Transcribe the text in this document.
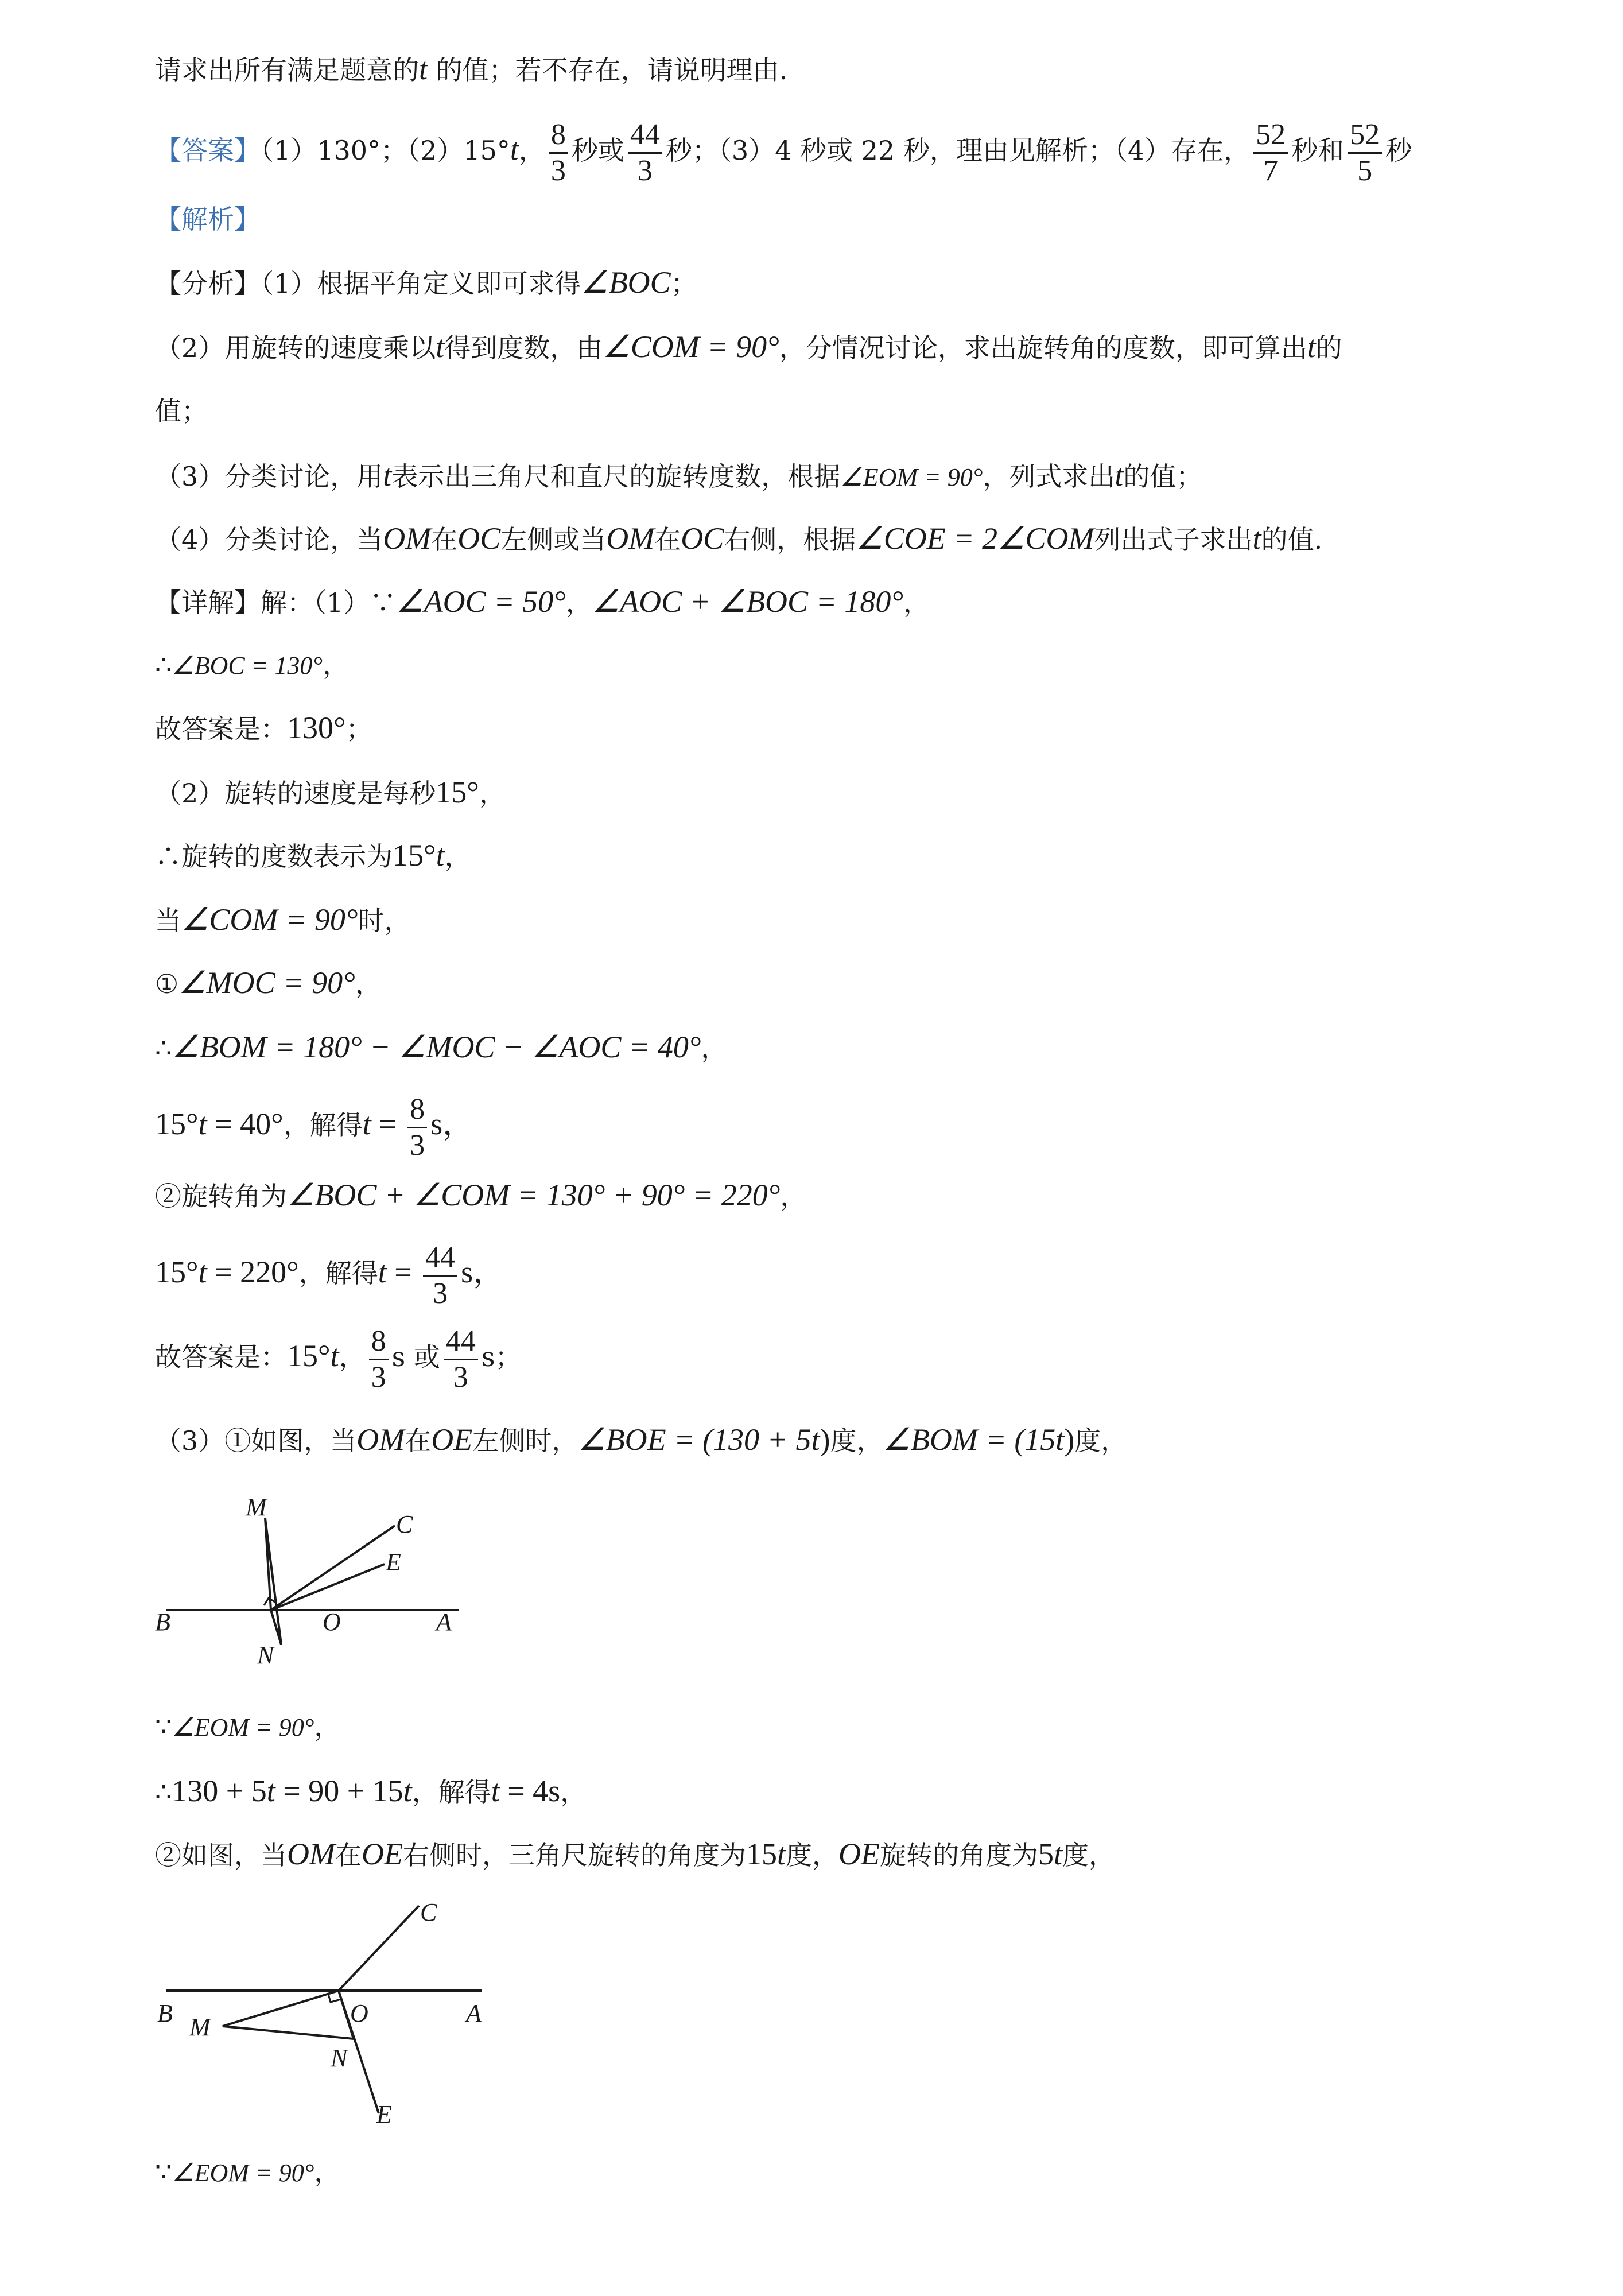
请求出所有满足题意的t 的值；若不存在，请说明理由.
【答案】（1）130°；（2）15°t， $\frac{8}{3}$ 秒或 $\frac{44}{3}$ 秒；（3）4 秒或 22 秒，理由见解析；（4）存在， $\frac{52}{7}$ 秒和 $\frac{52}{5}$ 秒
【解析】
【分析】（1）根据平角定义即可求得∠BOC；
（2）用旋转的速度乘以t得到度数，由∠COM = 90°，分情况讨论，求出旋转角的度数，即可算出t的
值；
（3）分类讨论，用t表示出三角尺和直尺的旋转度数，根据∠EOM = 90°，列式求出t的值；
（4）分类讨论，当OM在OC左侧或当OM在OC右侧，根据∠COE = 2∠COM列出式子求出t的值.
【详解】解：（1）∵∠AOC = 50°，∠AOC + ∠BOC = 180°，
∴∠BOC = 130°，
故答案是：130°；
（2）旋转的速度是每秒15°，
∴旋转的度数表示为15°t，
当∠COM = 90°时，
①∠MOC = 90°，
∴∠BOM = 180° − ∠MOC − ∠AOC = 40°，
15°t = 40°，解得$t = \frac{8}{3}$ s，
②旋转角为∠BOC + ∠COM = 130° + 90° = 220°，
15°t = 220°，解得$t = \frac{44}{3}$ s，
故答案是：15°t， $\frac{8}{3}$ s 或 $\frac{44}{3}$ s；
（3）①如图，当OM在OE左侧时，∠BOE = (130 + 5t)度，∠BOM = (15t)度，
M
C
E
B	O	A
N
∵∠EOM = 90°，
∴130 + 5t = 90 + 15t，解得t = 4s，
②如图，当OM在OE右侧时，三角尺旋转的角度为15t度，OE旋转的角度为5t度，
C
B M	O	A
N
E
∵∠EOM = 90°，
